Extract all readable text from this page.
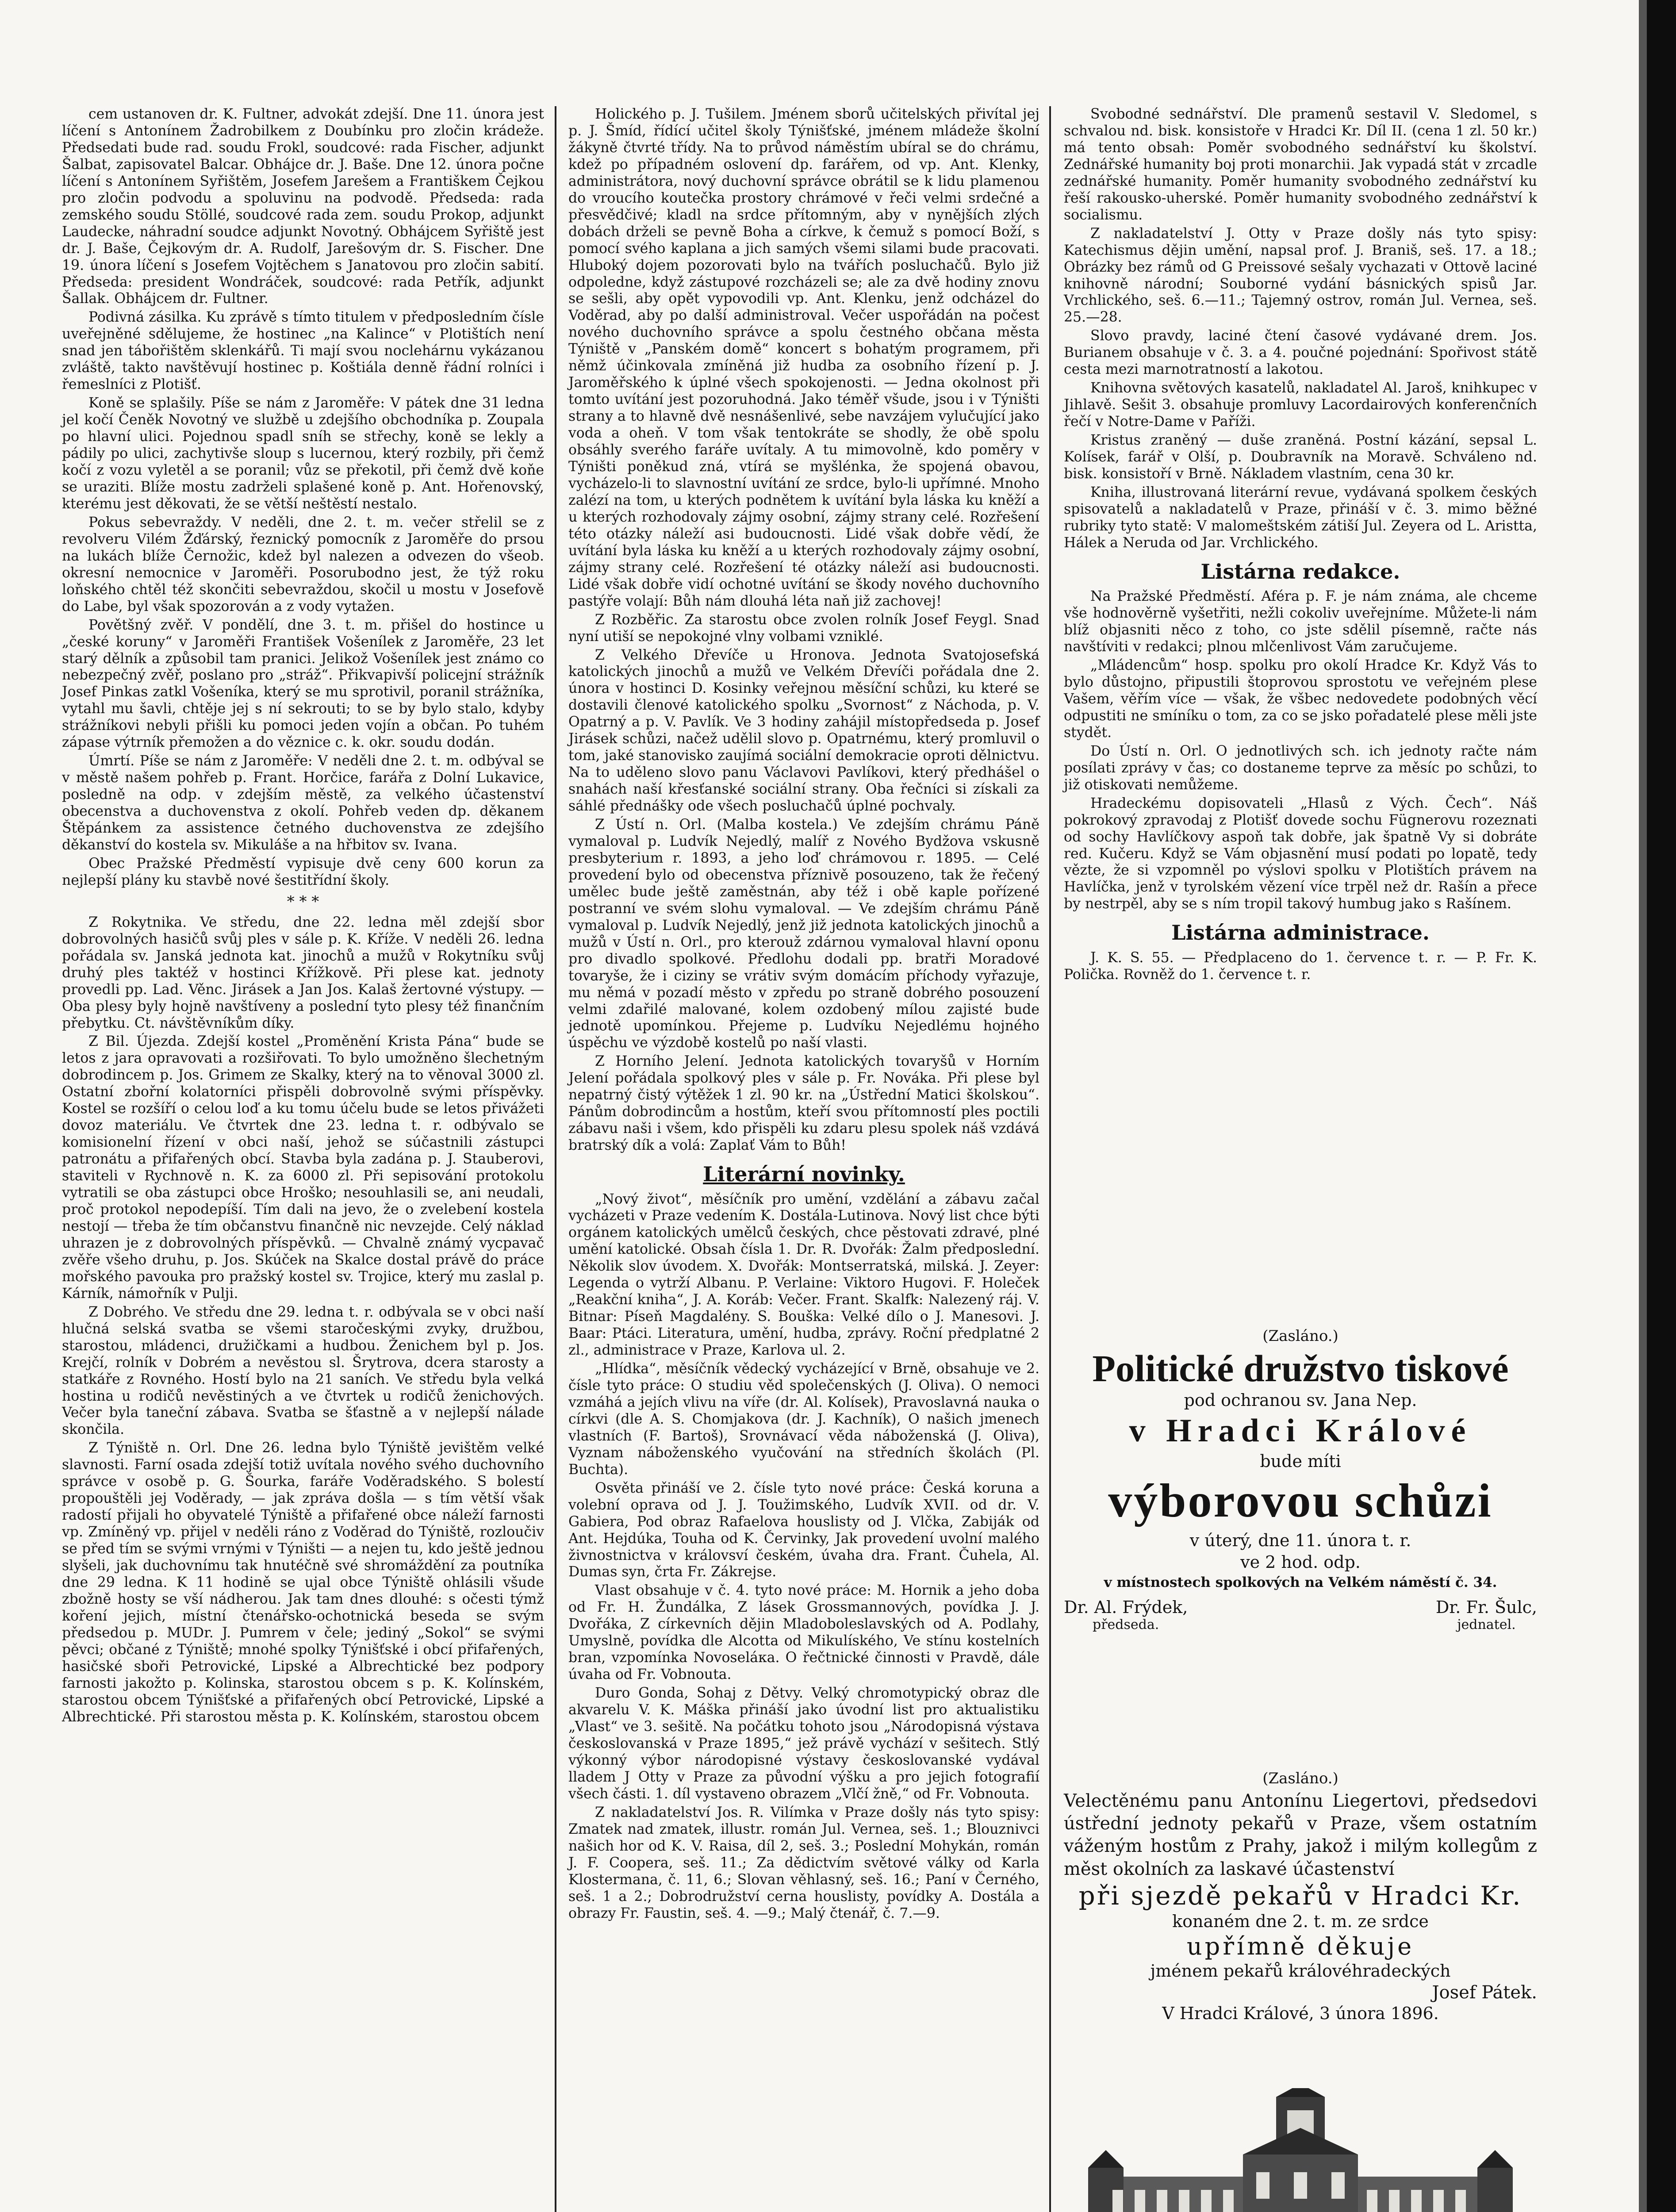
cem ustanoven dr. K. Fultner, advokát zdejší. Dne 11. února jest líčení s Antonínem Žadrobilkem z Doubínku pro zločin krádeže. Předsedati bude rad. soudu Frokl, soudcové: rada Fischer, adjunkt Šalbat, zapisovatel Balcar. Obhájce dr. J. Baše. Dne 12. února počne líčení s Antonínem Syřištěm, Josefem Jarešem a Františkem Čejkou pro zločin podvodu a spoluvinu na podvodě. Předseda: rada zemského soudu Stöllé, soudcové rada zem. soudu Prokop, adjunkt Laudecke, náhradní soudce adjunkt Novotný. Obhájcem Syřiště jest dr. J. Baše, Čejkovým dr. A. Rudolf, Jarešovým dr. S. Fischer. Dne 19. února líčení s Josefem Vojtěchem s Janatovou pro zločin sabití. Předseda: president Wondráček, soudcové: rada Petřík, adjunkt Šallak. Obhájcem dr. Fultner.

Podivná zásilka. Ku zprávě s tímto titulem v předposledním čísle uveřejněné sdělujeme, že hostinec „na Kalince“ v Plotištích není snad jen tábořištěm sklenkářů. Ti mají svou noclehárnu vykázanou zvláště, takto navštěvují hostinec p. Koštiála denně řádní rolníci i řemeslníci z Plotišť.

Koně se splašily. Píše se nám z Jaroměře: V pátek dne 31 ledna jel kočí Čeněk Novotný ve službě u zdejšího obchodníka p. Zoupala po hlavní ulici. Pojednou spadl sníh se střechy, koně se lekly a pádily po ulici, zachytivše sloup s lucernou, který rozbily, při čemž kočí z vozu vyletěl a se poranil; vůz se překotil, při čemž dvě koňe se uraziti. Blíže mostu zadrželi splašené koně p. Ant. Hořenovský, kterému jest děkovati, že se větší neštěstí nestalo.

Pokus sebevraždy. V neděli, dne 2. t. m. večer střelil se z revolveru Vilém Žďárský, řeznický pomocník z Jaroměře do prsou na lukách blíže Černožic, kdež byl nalezen a odvezen do všeob. okresní nemocnice v Jaroměři. Posorubodno jest, že týž roku loňského chtěl též skončiti sebevraždou, skočil u mostu v Josefově do Labe, byl však spozorován a z vody vytažen.

Povětšný zvěř. V pondělí, dne 3. t. m. přišel do hostince u „české koruny“ v Jaroměři František Vošenílek z Jaroměře, 23 let starý dělník a způsobil tam pranici. Jelikož Vošenílek jest známo co nebezpečný zvěř, poslano pro „stráž“. Přikvapivší policejní strážník Josef Pinkas zatkl Vošeníka, který se mu sprotivil, poranil strážníka, vytahl mu šavli, chtěje jej s ní sekrouti; to se by bylo stalo, kdyby strážníkovi nebyli přišli ku pomoci jeden vojín a občan. Po tuhém zápase výtrník přemožen a do věznice c. k. okr. soudu dodán.

Úmrtí. Píše se nám z Jaroměře: V neděli dne 2. t. m. odbýval se v městě našem pohřeb p. Frant. Horčice, farářa z Dolní Lukavice, posledně na odp. v zdejším městě, za velkého účastenství obecenstva a duchovenstva z okolí. Pohřeb veden dp. děkanem Štěpánkem za assistence četného duchovenstva ze zdejšího děkanství do kostela sv. Mikuláše a na hřbitov sv. Ivana.

Obec Pražské Předměstí vypisuje dvě ceny 600 korun za nejlepší plány ku stavbě nové šestitřídní školy.

* * *

Z Rokytnika. Ve středu, dne 22. ledna měl zdejší sbor dobrovolných hasičů svůj ples v sále p. K. Kříže. V neděli 26. ledna pořádala sv. Janská jednota kat. jinochů a mužů v Rokytníku svůj druhý ples taktéž v hostinci Křížkově. Při plese kat. jednoty provedli pp. Lad. Věnc. Jirásek a Jan Jos. Kalaš žertovné výstupy. — Oba plesy byly hojně navštíveny a poslední tyto plesy též finančním přebytku. Ct. návštěvníkům díky.

Z Bil. Újezda. Zdejší kostel „Proměnění Krista Pána“ bude se letos z jara opravovati a rozšiřovati. To bylo umožněno šlechetným dobrodincem p. Jos. Grimem ze Skalky, který na to věnoval 3000 zl. Ostatní zbořní kolatorníci přispěli dobrovolně svými příspěvky. Kostel se rozšíří o celou loď a ku tomu účelu bude se letos přivážeti dovoz materiálu. Ve čtvrtek dne 23. ledna t. r. odbývalo se komisionelní řízení v obci naší, jehož se súčastnili zástupci patronátu a přifařených obcí. Stavba byla zadána p. J. Stauberovi, staviteli v Rychnově n. K. za 6000 zl. Při sepisování protokolu vytratili se oba zástupci obce Hroško; nesouhlasili se, ani neudali, proč protokol nepodepíší. Tím dali na jevo, že o zvelebení kostela nestojí — třeba že tím občanstvu finančně nic nevzejde. Celý náklad uhrazen je z dobrovolných příspěvků. — Chvalně známý vycpavač zvěře všeho druhu, p. Jos. Skúček na Skalce dostal právě do práce mořského pavouka pro pražský kostel sv. Trojice, který mu zaslal p. Kárník, námořník v Pulji.

Z Dobrého. Ve středu dne 29. ledna t. r. odbývala se v obci naší hlučná selská svatba se všemi staročeskými zvyky, družbou, starostou, mládenci, družičkami a hudbou. Ženichem byl p. Jos. Krejčí, rolník v Dobrém a nevěstou sl. Šrytrova, dcera starosty a statkáře z Rovného. Hostí bylo na 21 saních. Ve středu byla velká hostina u rodičů nevěstiných a ve čtvrtek u rodičů ženichových. Večer byla taneční zábava. Svatba se šťastně a v nejlepší nálade skončila.

Z Týniště n. Orl. Dne 26. ledna bylo Týniště jevištěm velké slavnosti. Farní osada zdejší totiž uvítala nového svého duchovního správce v osobě p. G. Šourka, faráře Voděradského. S bolestí propouštěli jej Voděrady, — jak zpráva došla — s tím větší však radostí přijali ho obyvatelé Týniště a přifařené obce náleží farnosti vp. Zmíněný vp. přijel v neděli ráno z Voděrad do Týniště, rozloučiv se před tím se svými vrnými v Týništi — a nejen tu, kdo ještě jednou slyšeli, jak duchovnímu tak hnutéčně své shromáždění za poutníka dne 29 ledna. K 11 hodině se ujal obce Týniště ohlásili všude zbožně hosty se vší nádherou. Jak tam dnes dlouhé: s očesti týmž koření jejich, místní čtenářsko-ochotnická beseda se svým předsedou p. MUDr. J. Pumrem v čele; jediný „Sokol“ se svými pěvci; občané z Týniště; mnohé spolky Týnišťské i obcí přifařených, hasičské sboři Petrovické, Lipské a Albrechtické bez podpory farnosti jakožto p. Kolinska, starostou obcem s p. K. Kolínském, starostou obcem Týnišťské a přifařených obcí Petrovické, Lipské a Albrechtické. Při starostou města p. K. Kolínském, starostou obcem

Holického p. J. Tušilem. Jménem sborů učitelských přivítal jej p. J. Šmíd, řídící učitel školy Týnišťské, jménem mládeže školní žákyně čtvrté třídy. Na to průvod náměstím ubíral se do chrámu, kdež po případném oslovení dp. farářem, od vp. Ant. Klenky, administrátora, nový duchovní správce obrátil se k lidu plamenou do vroucího koutečka prostory chrámové v řeči velmi srdečné a přesvědčivé; kladl na srdce přítomným, aby v nynějších zlých dobách drželi se pevně Boha a církve, k čemuž s pomocí Boží, s pomocí svého kaplana a jich samých všemi silami bude pracovati. Hluboký dojem pozorovati bylo na tvářích posluchačů. Bylo již odpoledne, když zástupové rozcházeli se; ale za dvě hodiny znovu se sešli, aby opět vypovodili vp. Ant. Klenku, jenž odcházel do Voděrad, aby po další administroval. Večer uspořádán na počest nového duchovního správce a spolu čestného občana města Týniště v „Panském domě“ koncert s bohatým programem, při němž účinkovala zmíněná již hudba za osobního řízení p. J. Jaroměřského k úplné všech spokojenosti. — Jedna okolnost při tomto uvítání jest pozoruhodná. Jako téměř všude, jsou i v Týništi strany a to hlavně dvě nesnášenlivé, sebe navzájem vylučující jako voda a oheň. V tom však tentokráte se shodly, že obě spolu obsáhly sverého faráře uvítaly. A tu mimovolně, kdo poměry v Týništi poněkud zná, vtírá se myšlénka, že spojená obavou, vycházelo-li to slavnostní uvítání ze srdce, bylo-li upřímné. Mnoho zalézí na tom, u kterých podnětem k uvítání byla láska ku kněží a u kterých rozhodovaly zájmy osobní, zájmy strany celé. Rozřešení této otázky náleží asi budoucnosti. Lidé však dobře vědí, že uvítání byla láska ku kněží a u kterých rozhodovaly zájmy osobní, zájmy strany celé. Rozřešení té otázky náleží asi budoucnosti. Lidé však dobře vidí ochotné uvítání se škody nového duchovního pastýře volají: Bůh nám dlouhá léta naň již zachovej!

Z Rozběřic. Za starostu obce zvolen rolník Josef Feygl. Snad nyní utiší se nepokojné vlny volbami vzniklé.

Z Velkého Dřevíče u Hronova. Jednota Svatojosefská katolických jinochů a mužů ve Velkém Dřevíči pořádala dne 2. února v hostinci D. Kosinky veřejnou měsíční schůzi, ku které se dostavili členové katolického spolku „Svornost“ z Náchoda, p. V. Opatrný a p. V. Pavlík. Ve 3 hodiny zahájil místopředseda p. Josef Jirásek schůzi, načež udělil slovo p. Opatrnému, který promluvil o tom, jaké stanovisko zaujímá sociální demokracie oproti dělnictvu. Na to uděleno slovo panu Václavovi Pavlíkovi, který předhášel o snahách naší křesťanské sociální strany. Oba řečníci si získali za sáhlé přednášky ode všech posluchačů úplné pochvaly.

Z Ústí n. Orl. (Malba kostela.) Ve zdejším chrámu Páně vymaloval p. Ludvík Nejedlý, malíř z Nového Bydžova vskusně presbyterium r. 1893, a jeho loď chrámovou r. 1895. — Celé provedení bylo od obecenstva příznivě posouzeno, tak že řečený umělec bude ještě zaměstnán, aby též i obě kaple pořízené postranní ve svém slohu vymaloval. — Ve zdejším chrámu Páně vymaloval p. Ludvík Nejedlý, jenž již jednota katolických jinochů a mužů v Ústí n. Orl., pro kterouž zdárnou vymaloval hlavní oponu pro divadlo spolkové. Předlohu dodali pp. bratři Moradové tovaryše, že i ciziny se vrátiv svým domácím příchody vyřazuje, mu němá v pozadí město v zpředu po straně dobrého posouzení velmi zdařilé malované, kolem ozdobený mílou zajisté bude jednotě upomínkou. Přejeme p. Ludvíku Nejedlému hojného úspěchu ve výzdobě kostelů po naší vlasti.

Z Horního Jelení. Jednota katolických tovaryšů v Horním Jelení pořádala spolkový ples v sále p. Fr. Novákа. Při plese byl nepatrný čistý výtěžek 1 zl. 90 kr. na „Ústřední Matici školskou“. Pánům dobrodincům a hostům, kteří svou přítomností ples poctili zábavu naši i všem, kdo přispěli ku zdaru plesu spolek náš vzdává bratrský dík a volá: Zaplať Vám to Bůh!

Literární novinky.

„Nový život“, měsíčník pro umění, vzdělání a zábavu začal vycházeti v Praze vedením K. Dostála-Lutinova. Nový list chce býti orgánem katolických umělců českých, chce pěstovati zdravé, plné umění katolické. Obsah čísla 1. Dr. R. Dvořák: Žalm předposlední. Několik slov úvodem. X. Dvořák: Montserratská, milská. J. Zeyer: Legenda o vytrží Albanu. P. Verlaine: Viktoro Hugovi. F. Holeček „Reakční kniha“, J. A. Koráb: Večer. Frant. Skalfk: Nalezený ráj. V. Bitnar: Píseň Magdalény. S. Bouška: Velké dílo o J. Manesovi. J. Baar: Ptáci. Literatura, umění, hudba, zprávy. Roční předplatné 2 zl., administrace v Praze, Karlova ul. 2.

„Hlídka“, měsíčník vědecký vycházející v Brně, obsahuje ve 2. čísle tyto práce: O studiu věd společenských (J. Oliva). O nemoci vzmáhá a jejích vlivu na víře (dr. Al. Kolísek), Pravoslavná nauka o církvi (dle A. S. Chomjakova (dr. J. Kachník), O našich jmenech vlastních (F. Bartoš), Srovnávací věda náboženská (J. Oliva), Vyznam náboženského vyučování na středních školách (Pl. Buchta).

Osvěta přináší ve 2. čísle tyto nové práce: Česká koruna a volební oprava od J. J. Toužimského, Ludvík XVII. od dr. V. Gabiera, Pod obraz Rafaelova houslisty od J. Vlčka, Zabiják od Ant. Hejdúka, Touha od K. Červinky, Jak provedení uvolní malého živnostnictva v královsví českém, úvaha dra. Frant. Čuhela, Al. Dumas syn, črta Fr. Zákrejse.

Vlast obsahuje v č. 4. tyto nové práce: M. Hornik a jeho doba od Fr. H. Žundálka, Z lásek Grossmannových, povídka J. J. Dvořáka, Z církevních dějin Mladoboleslavských od A. Podlahy, Umyslně, povídka dle Alcotta od Mikulíského, Ve stínu kostelních bran, vzpomínka Novoseláка. O řečtnické činnosti v Pravdě, dále úvaha od Fr. Vobnouta.

Duro Gonda, Sohaj z Dětvy. Velký chromotypický obraz dle akvarelu V. K. Máška přináší jako úvodní list pro aktualistiku „Vlast“ ve 3. sešitě. Na počátku tohoto jsou „Národopisná výstava českoslovanská v Praze 1895,“ jež právě vychází v sešitech. Stlý výkonný výbor národopisné výstavy českoslovanské vydával lladem J Otty v Praze za původní výšku a pro jejich fotografií všech části. 1. díl vystaveno obrazem „Vlčí žně,“ od Fr. Vobnouta.

Z nakladatelství Jos. R. Vilímka v Praze došly nás tyto spisy: Zmatek nad zmatek, illustr. román Jul. Vernea, seš. 1.; Blouznivci našich hor od K. V. Raisa, díl 2, seš. 3.; Poslední Mohykán, román J. F. Coopera, seš. 11.; Za dědictvím světové války od Karla Klostermana, č. 11, 6.; Slovan věhlasný, seš. 16.; Paní v Černého, seš. 1 a 2.; Dobrodružství cerna houslisty, povídky A. Dostála a obrazy Fr. Faustin, seš. 4. —9.; Malý čtenář, č. 7.—9.

Svobodné sednářství. Dle pramenů sestavil V. Sledomel, s schvalou nd. bisk. konsistoře v Hradci Kr. Díl II. (cena 1 zl. 50 kr.) má tento obsah: Poměr svobodného sednářství ku školství. Zednářské humanity boj proti monarchii. Jak vypadá stát v zrcadle zednářské humanity. Poměr humanity svobodného zednářství ku řeší rakousko-uherské. Poměr humanity svobodného zednářství k socialismu.

Z nakladatelství J. Otty v Praze došly nás tyto spisy: Katechismus dějin umění, napsal prof. J. Braniš, seš. 17. a 18.; Obrázky bez rámů od G Preissové sešaly vychazati v Ottově laciné knihovně národní; Souborné vydání básnických spisů Jar. Vrchlického, seš. 6.—11.; Tajemný ostrov, román Jul. Vernea, seš. 25.—28.

Slovo pravdy, laciné čtení časové vydávané drem. Jos. Burianem obsahuje v č. 3. a 4. poučné pojednání: Spořivost státě cesta mezi marnotratností a lakotou.

Knihovna světových kasatelů, nakladatel Al. Jaroš, knihkupec v Jihlavě. Sešit 3. obsahuje promluvy Lacordairových konferenčních řečí v Notre-Dame v Paříži.

Kristus zraněný — duše zraněná. Postní kázání, sepsal L. Kolísek, farář v Olší, p. Doubravník na Moravě. Schváleno nd. bisk. konsistoří v Brně. Nákladem vlastním, cena 30 kr.

Kniha, illustrovaná literární revue, vydávaná spolkem českých spisovatelů a nakladatelů v Praze, přináší v č. 3. mimo běžné rubriky tyto statě: V malomeštském zátiší Jul. Zeyera od L. Aristta, Hálek a Neruda od Jar. Vrchlického.

Listárna redakce.

Na Pražské Předměstí. Aféra p. F. je nám známa, ale chceme vše hodnověrně vyšetřiti, nežli cokoliv uveřejníme. Můžete-li nám blíž objasniti něco z toho, co jste sdělil písemně, račte nás navštíviti v redakci; plnou mlčenlivost Vám zaručujeme.

„Mládencům“ hosp. spolku pro okolí Hradce Kr. Když Vás to bylo důstojno, připustili štoprovou sprostotu ve veřejném plese Vašem, věřím více — však, že všbec nedovedete podobných věcí odpustiti ne smíníku o tom, za co se jsko pořadatelé plese měli jste stydět.

Do Ústí n. Orl. O jednotlivých sch. ich jednoty račte nám posílati zprávy v čas; co dostaneme teprve za měsíc po schůzi, to již otiskovati nemůžeme.

Hradeckému dopisovateli „Hlasů z Vých. Čech“. Náš pokrokový zpravodaj z Plotišť dovede sochu Fügnerovu rozeznati od sochy Havlíčkovy aspoň tak dobře, jak špatně Vy si dobráte red. Kučeru. Když se Vám objasnění musí podati po lopatě, tedy vězte, že si vzpomněl po výslovi spolku v Plotištích právem na Havlíčka, jenž v tyrolském vězení více trpěl než dr. Rašín a přece by nestrpěl, aby se s ním tropil takový humbug jako s Rašínem.

Listárna administrace.

J. K. S. 55. — Předplaceno do 1. července t. r. — P. Fr. K. Polička. Rovněž do 1. července t. r.

(Zasláno.)
Politické družstvo tiskové
pod ochranou sv. Jana Nep.
v Hradci Králové
bude míti
výborovou schůzi
v úterý, dne 11. února t. r.
ve 2 hod. odp.
v místnostech spolkových na Velkém náměstí č. 34.
Dr. Al. Frýdek,
předseda.
Dr. Fr. Šulc,
jednatel.
(Zasláno.)
Velectěnému panu Antonínu Liegertovi, předsedovi ústřední jednoty pekařů v Praze, všem ostatním váženým hostům z Prahy, jakož i milým kollegům z měst okolních za laskavé účastenství
při sjezdě pekařů v Hradci Kr.
konaném dne 2. t. m. ze srdce
upřímně děkuje
jménem pekařů královéhradeckých
Josef Pátek.
V Hradci Králové, 3 února 1896.
